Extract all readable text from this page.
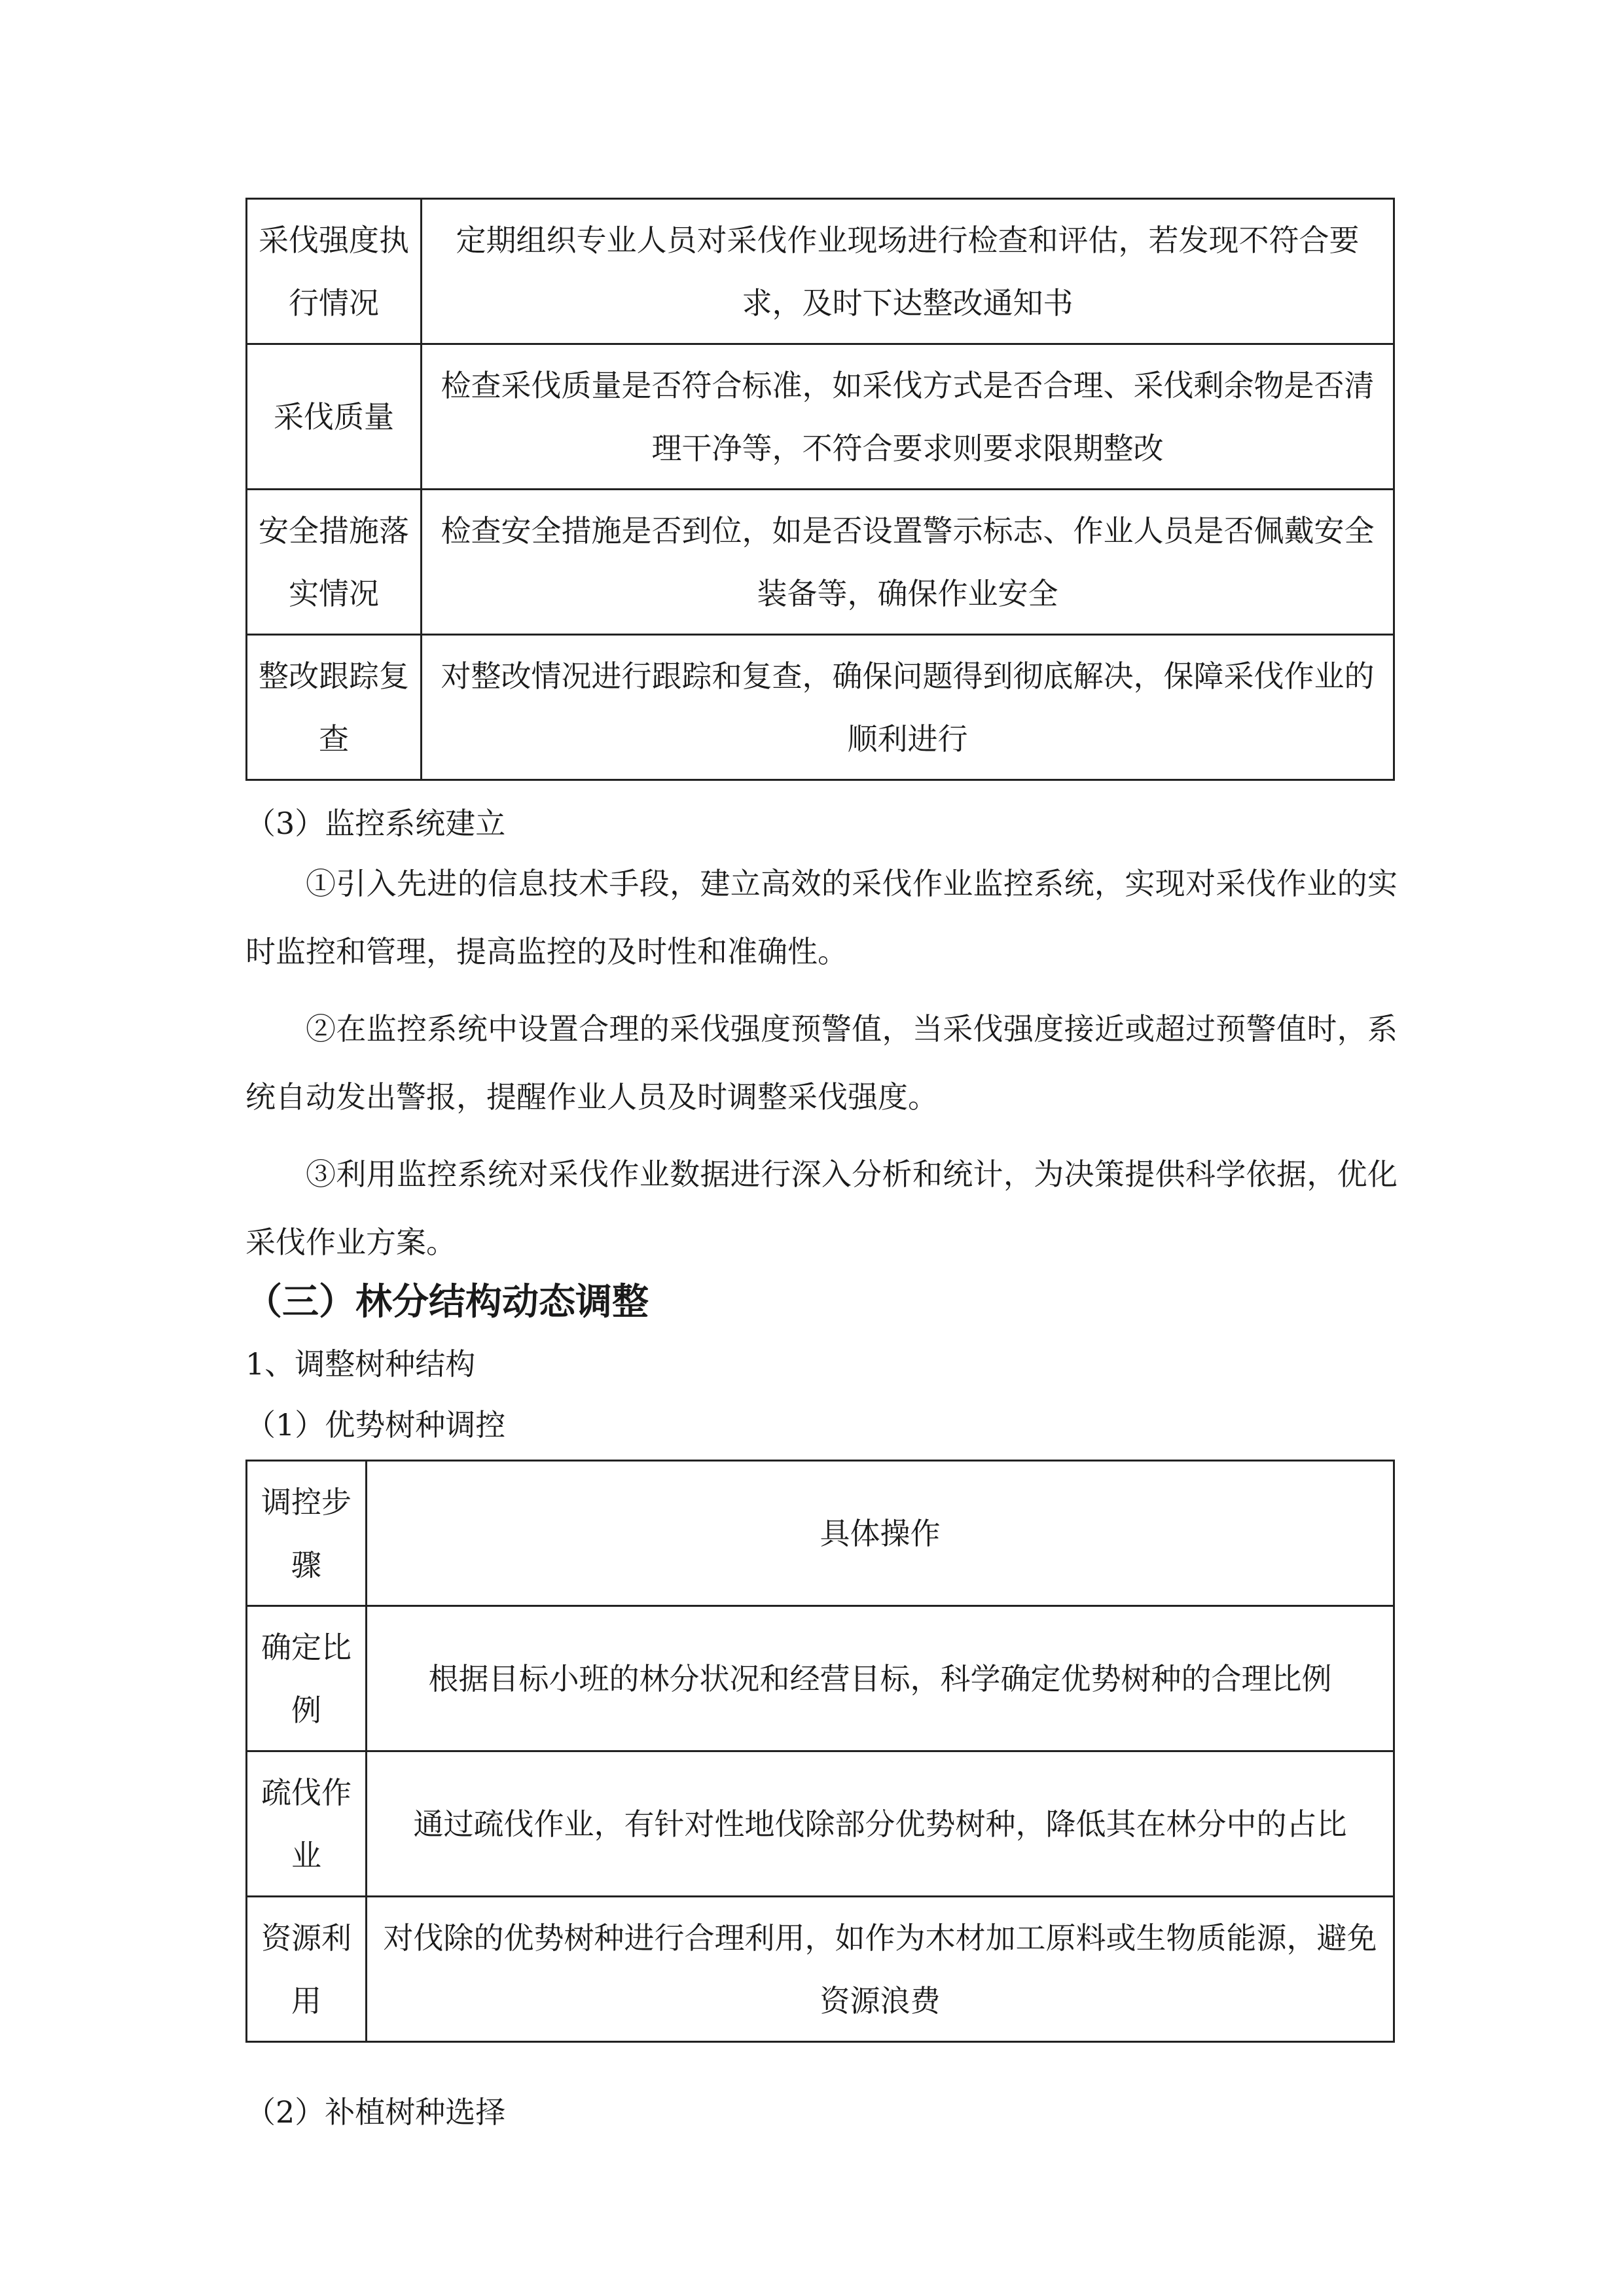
采伐强度执行情况	定期组织专业人员对采伐作业现场进行检查和评估，若发现不符合要求，及时下达整改通知书
采伐质量	检查采伐质量是否符合标准，如采伐方式是否合理、采伐剩余物是否清理干净等，不符合要求则要求限期整改
安全措施落实情况	检查安全措施是否到位，如是否设置警示标志、作业人员是否佩戴安全装备等，确保作业安全
整改跟踪复查	对整改情况进行跟踪和复查，确保问题得到彻底解决，保障采伐作业的顺利进行

（3）监控系统建立

①引入先进的信息技术手段，建立高效的采伐作业监控系统，实现对采伐作业的实时监控和管理，提高监控的及时性和准确性。

②在监控系统中设置合理的采伐强度预警值，当采伐强度接近或超过预警值时，系统自动发出警报，提醒作业人员及时调整采伐强度。

③利用监控系统对采伐作业数据进行深入分析和统计，为决策提供科学依据，优化采伐作业方案。

（三）林分结构动态调整

1、调整树种结构

（1）优势树种调控

调控步骤	具体操作
确定比例	根据目标小班的林分状况和经营目标，科学确定优势树种的合理比例
疏伐作业	通过疏伐作业，有针对性地伐除部分优势树种，降低其在林分中的占比
资源利用	对伐除的优势树种进行合理利用，如作为木材加工原料或生物质能源，避免资源浪费

（2）补植树种选择
